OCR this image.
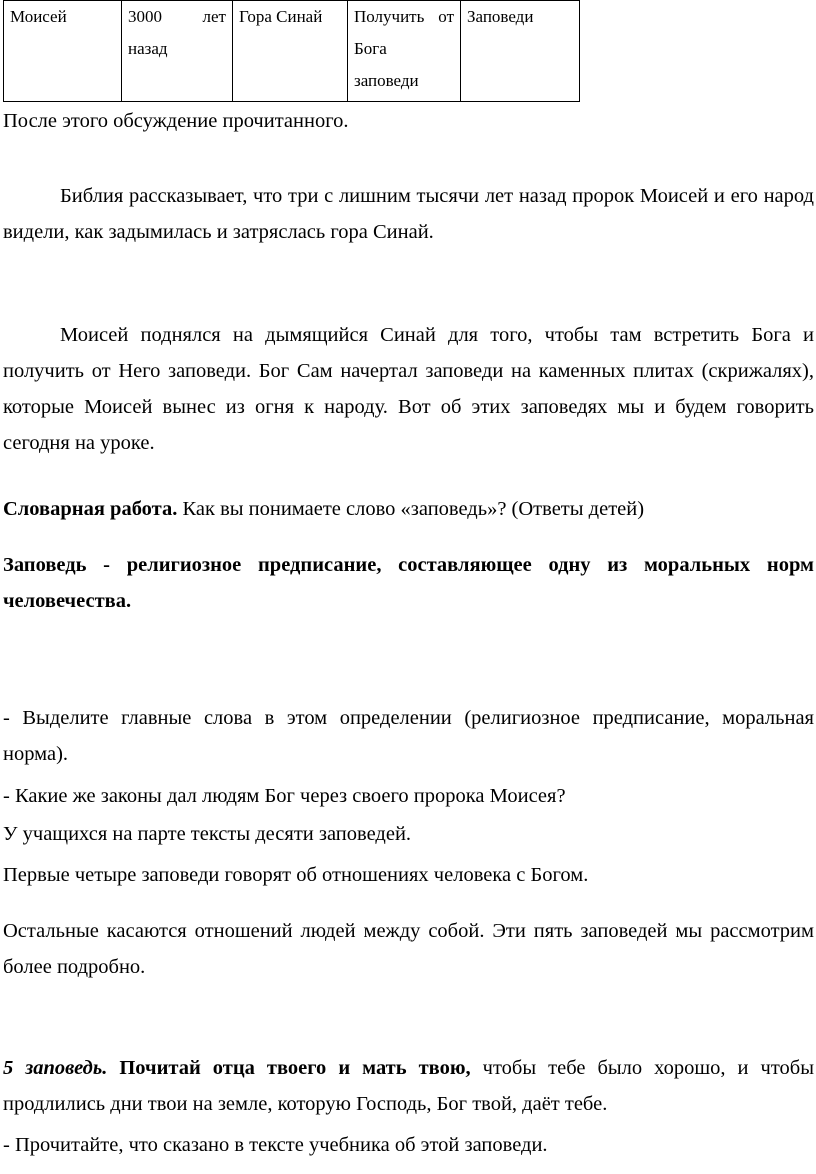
Моисей	3000 лет назад	Гора Синай	Получить от Бога заповеди	Заповеди

После этого обсуждение прочитанного.

Библия рассказывает, что три с лишним тысячи лет назад пророк Моисей и его народ видели, как задымилась и затряслась гора Синай.

Моисей поднялся на дымящийся Синай для того, чтобы там встретить Бога и получить от Него заповеди. Бог Сам начертал заповеди на каменных плитах (скрижалях), которые Моисей вынес из огня к народу. Вот об этих заповедях мы и будем говорить сегодня на уроке.

Словарная работа. Как вы понимаете слово «заповедь»? (Ответы детей)

Заповедь - религиозное предписание, составляющее одну из моральных норм человечества.

- Выделите главные слова в этом определении (религиозное предписание, моральная норма).

- Какие же законы дал людям Бог через своего пророка Моисея?

У учащихся на парте тексты десяти заповедей.

Первые четыре заповеди говорят об отношениях человека с Богом.

Остальные касаются отношений людей между собой. Эти пять заповедей мы рассмотрим более подробно.

5 заповедь. Почитай отца твоего и мать твою, чтобы тебе было хорошо, и чтобы продлились дни твои на земле, которую Господь, Бог твой, даёт тебе.

- Прочитайте, что сказано в тексте учебника об этой заповеди.
